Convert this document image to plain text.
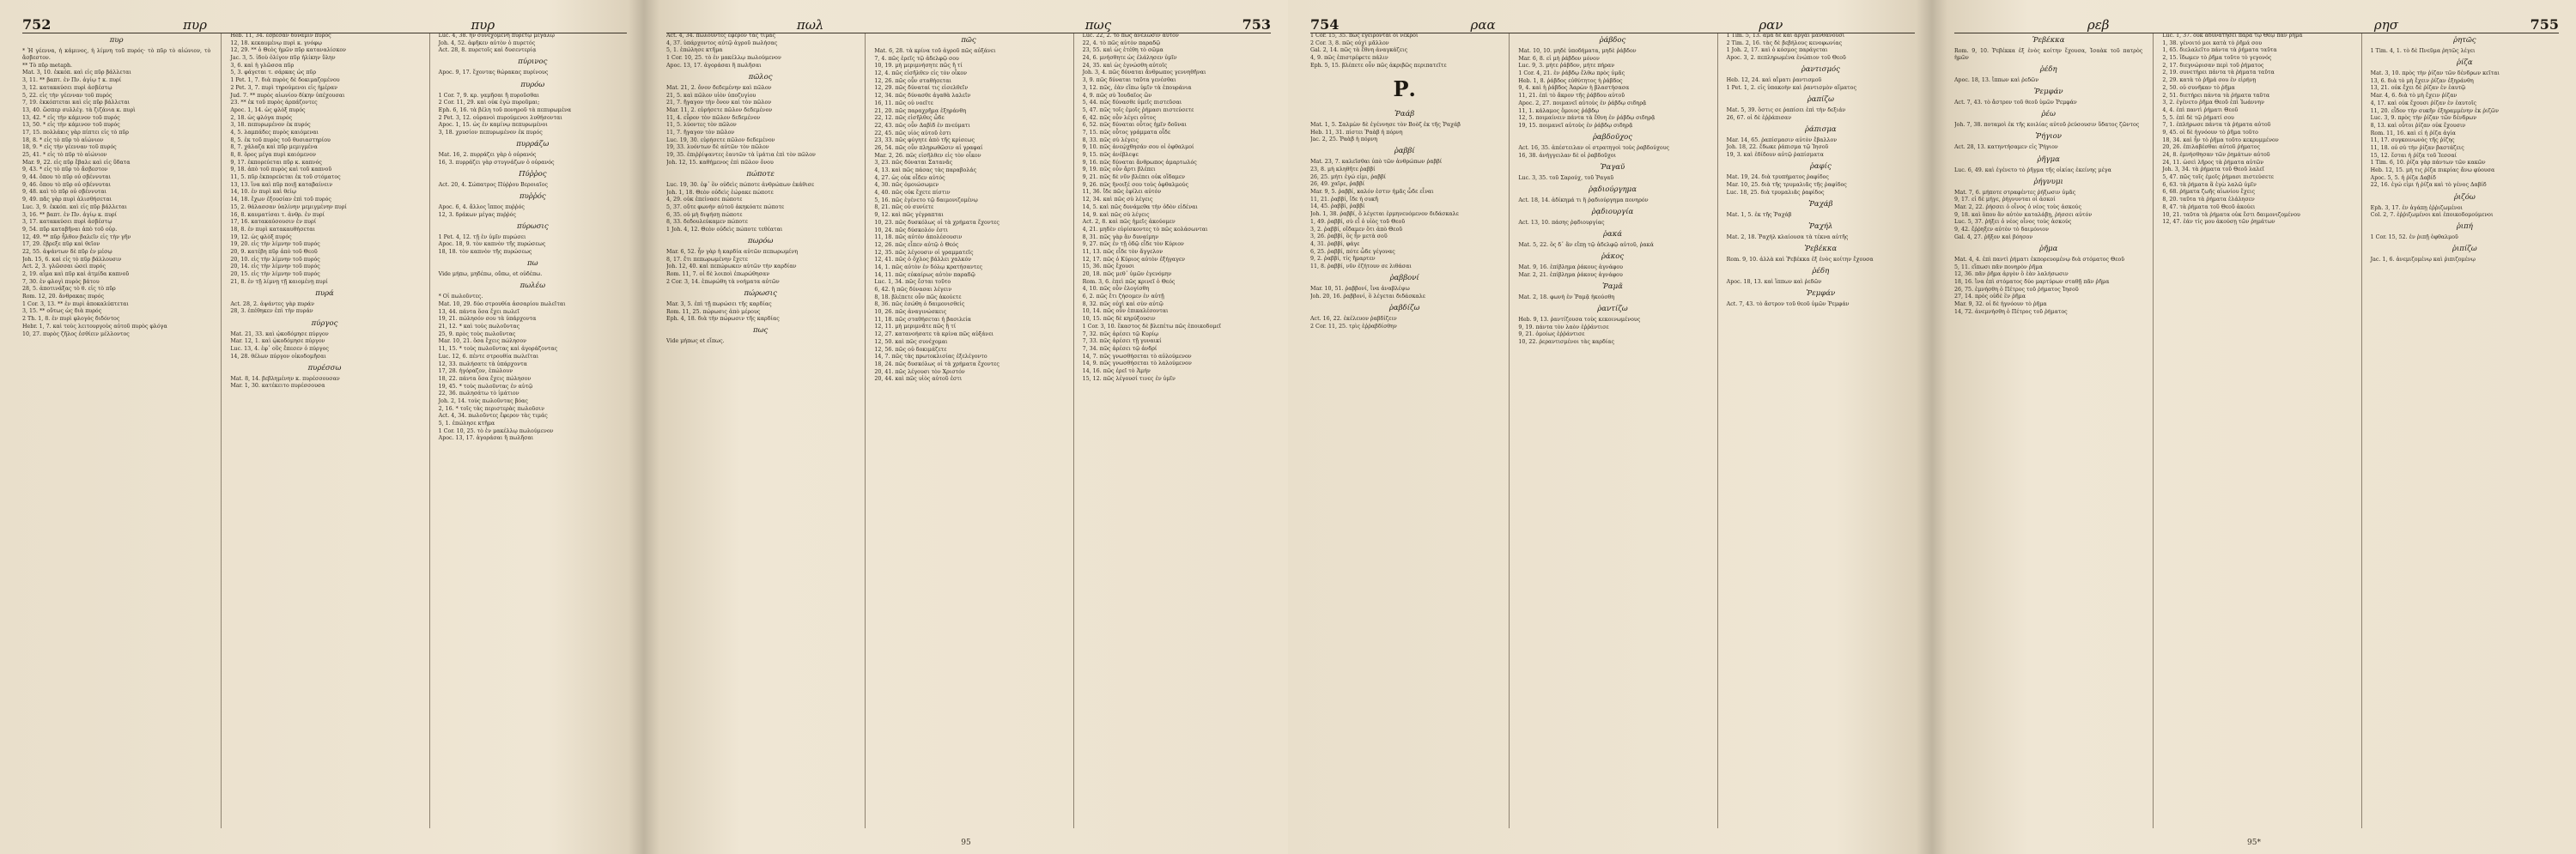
752	πυρ	πυρ
πυρ

* Ἡ γέεννα, ἡ κάμινος, ἡ λίμνη τοῦ πυρός· τὸ πῦρ τὸ αἰώνιον, τὸ ἄσβεστον.

** Τὸ πῦρ metaph.

Mat. 3, 10. ἐκκόπ. καὶ εἰς πῦρ βάλλεται

3, 11. ** βαπτ. ἐν Πν. ἁγίῳ † κ. πυρί

3, 12. κατακαύσει πυρὶ ἀσβέστῳ

5, 22. εἰς τὴν γέενναν τοῦ πυρός

7, 19. ἐκκόπτεται καὶ εἰς πῦρ βάλλεται

13, 40. ὥσπερ συλλέγ. τὰ ζιζάνια κ. πυρὶ

13, 42. * εἰς τὴν κάμινον τοῦ πυρός

13, 50. * εἰς τὴν κάμινον τοῦ πυρός

17, 15. πολλάκις γὰρ πίπτει εἰς τὸ πῦρ

18, 8. * εἰς τὸ πῦρ τὸ αἰώνιον

18, 9. * εἰς τὴν γέενναν τοῦ πυρός

25, 41. * εἰς τὸ πῦρ τὸ αἰώνιον

Mar. 9, 22. εἰς πῦρ ἔβαλε καὶ εἰς ὕδατα

9, 43. * εἰς τὸ πῦρ τὸ ἄσβεστον

9, 44. ὅπου τὸ πῦρ οὐ σβέννυται

9, 46. ὅπου τὸ πῦρ οὐ σβέννυται

9, 48. καὶ τὸ πῦρ οὐ σβέννυται

9, 49. πᾶς γὰρ πυρὶ ἁλισθήσεται

Luc. 3, 9. ἐκκόπ. καὶ εἰς πῦρ βάλλεται

3, 16. ** βαπτ. ἐν Πν. ἁγίῳ κ. πυρί

3, 17. κατακαύσει πυρὶ ἀσβέστῳ

9, 54. πῦρ καταβῆναι ἀπὸ τοῦ οὐρ.

12, 49. ** πῦρ ἦλθον βαλεῖν εἰς τὴν γῆν

17, 29. ἔβρεξε πῦρ καὶ θεῖον

22, 55. ἁψάντων δὲ πῦρ ἐν μέσῳ

Joh. 15, 6. καὶ εἰς τὸ πῦρ βάλλουσιν

Act. 2, 3. γλῶσσαι ὡσεὶ πυρός

2, 19. αἷμα καὶ πῦρ καὶ ἀτμίδα καπνοῦ

7, 30. ἐν φλογὶ πυρὸς βάτου

28, 5. ἀποτινάξας τὸ θ. εἰς τὸ πῦρ

Rom. 12, 20. ἄνθρακας πυρός

1 Cor. 3, 13. ** ἐν πυρὶ ἀποκαλύπτεται

3, 15. ** οὕτως ὡς διὰ πυρός

2 Th. 1, 8. ἐν πυρὶ φλογὸς διδόντος

Hebr. 1, 7. καὶ τοὺς λειτουργοὺς αὐτοῦ πυρὸς φλόγα

10, 27. πυρὸς ζῆλος ἐσθίειν μέλλοντος

Heb. 11, 34. ἔσβεσαν δύναμιν πυρός

12, 18. κεκαυμένῳ πυρὶ κ. γνόφῳ

12, 29. ** ὁ Θεὸς ἡμῶν πῦρ καταναλίσκον

Jac. 3, 5. ἰδοὺ ὀλίγον πῦρ ἡλίκην ὕλην

3, 6. καὶ ἡ γλῶσσα πῦρ

5, 3. φάγεται τ. σάρκας ὡς πῦρ

1 Pet. 1, 7. διὰ πυρὸς δὲ δοκιμαζομένου

2 Pet. 3, 7. πυρὶ τηρούμενοι εἰς ἡμέραν

Jud. 7. ** πυρὸς αἰωνίου δίκην ὑπέχουσαι

23. ** ἐκ τοῦ πυρὸς ἁρπάζοντες

Apoc. 1, 14. ὡς φλὸξ πυρός

2, 18. ὡς φλόγα πυρός

3, 18. πεπυρωμένον ἐκ πυρός

4, 5. λαμπάδες πυρὸς καιόμεναι

8, 5. ἐκ τοῦ πυρὸς τοῦ θυσιαστηρίου

8, 7. χάλαζα καὶ πῦρ μεμιγμένα

8, 8. ὄρος μέγα πυρὶ καιόμενον

9, 17. ἐκπορεύεται πῦρ κ. καπνός

9, 18. ἀπὸ τοῦ πυρὸς καὶ τοῦ καπνοῦ

11, 5. πῦρ ἐκπορεύεται ἐκ τοῦ στόματος

13, 13. ἵνα καὶ πῦρ ποιῇ καταβαίνειν

14, 10. ἐν πυρὶ καὶ θείῳ

14, 18. ἔχων ἐξουσίαν ἐπὶ τοῦ πυρός

15, 2. θάλασσαν ὑαλίνην μεμιγμένην πυρί

16, 8. καυματίσαι τ. ἀνθρ. ἐν πυρί

17, 16. κατακαύσουσιν ἐν πυρί

18, 8. ἐν πυρὶ κατακαυθήσεται

19, 12. ὡς φλὸξ πυρός

19, 20. εἰς τὴν λίμνην τοῦ πυρός

20, 9. κατέβη πῦρ ἀπὸ τοῦ Θεοῦ

20, 10. εἰς τὴν λίμνην τοῦ πυρός

20, 14. εἰς τὴν λίμνην τοῦ πυρός

20, 15. εἰς τὴν λίμνην τοῦ πυρός

21, 8. ἐν τῇ λίμνῃ τῇ καιομένῃ πυρί

πυρά

Act. 28, 2. ἁψάντες γὰρ πυράν

28, 3. ἐπέθηκεν ἐπὶ τὴν πυράν

πύργος

Mat. 21, 33. καὶ ᾠκοδόμησε πύργον

Mar. 12, 1. καὶ ᾠκοδόμησε πύργον

Luc. 13, 4. ἐφ᾽ οὓς ἔπεσεν ὁ πύργος

14, 28. θέλων πύργον οἰκοδομῆσαι

πυρέσσω

Mat. 8, 14. βεβλημένην κ. πυρέσσουσαν

Mar. 1, 30. κατέκειτο πυρέσσουσα

Luc. 4, 38. ἦν συνεχομένη πυρετῷ μεγάλῳ

Joh. 4, 52. ἀφῆκεν αὐτὸν ὁ πυρετός

Act. 28, 8. πυρετοῖς καὶ δυσεντερίᾳ

πύρινος

Apoc. 9, 17. ἔχοντας θώρακας πυρίνους

πυρόω

1 Cor. 7, 9. κρ. γαμῆσαι ἢ πυροῦσθαι

2 Cor. 11, 29. καὶ οὐκ ἐγὼ πυροῦμαι;

Eph. 6, 16. τὰ βέλη τοῦ πονηροῦ τὰ πεπυρωμένα

2 Pet. 3, 12. οὐρανοὶ πυρούμενοι λυθήσονται

Apoc. 1, 15. ὡς ἐν καμίνῳ πεπυρωμένοι

3, 18. χρυσίον πεπυρωμένον ἐκ πυρός

πυρράζω

Mat. 16, 2. πυρράζει γὰρ ὁ οὐρανός

16, 3. πυρράζει γὰρ στυγνάζων ὁ οὐρανός

Πύῤῥος

Act. 20, 4. Σώπατρος Πύῤῥου Βεροιαῖος

πυῤῥός

Apoc. 6, 4. ἄλλος ἵππος πυῤῥός

12, 3. δράκων μέγας πυῤῥός

πύρωσις

1 Pet. 4, 12. τῇ ἐν ὑμῖν πυρώσει

Apoc. 18, 9. τὸν καπνὸν τῆς πυρώσεως

18, 18. τὸν καπνὸν τῆς πυρώσεως

πω

Vide μήπω, μηδέπω, οὔπω, et οὐδέπω.

πωλέω

* Οἱ πωλοῦντες.

Mat. 10, 29. δύο στρουθία ἀσσαρίου πωλεῖται

13, 44. πάντα ὅσα ἔχει πωλεῖ

19, 21. πώλησόν σου τὰ ὑπάρχοντα

21, 12. * καὶ τοὺς πωλοῦντας

25, 9. πρὸς τοὺς πωλοῦντας

Mar. 10, 21. ὅσα ἔχεις πώλησον

11, 15. * τοὺς πωλοῦντας καὶ ἀγοράζοντας

Luc. 12, 6. πέντε στρουθία πωλεῖται

12, 33. πωλήσατε τὰ ὑπάρχοντα

17, 28. ἠγόραζον, ἐπώλουν

18, 22. πάντα ὅσα ἔχεις πώλησον

19, 45. * τοὺς πωλοῦντας ἐν αὐτῷ

22, 36. πωλησάτω τὸ ἱμάτιον

Joh. 2, 14. τοὺς πωλοῦντας βόας

2, 16. * τοῖς τὰς περιστερὰς πωλοῦσιν

Act. 4, 34. πωλοῦντες ἔφερον τὰς τιμάς

5, 1. ἐπώλησε κτῆμα

1 Cor. 10, 25. τὸ ἐν μακέλλῳ πωλούμενον

Apoc. 13, 17. ἀγοράσαι ἢ πωλῆσαι

πωλ	πως	753

Act. 4, 34. πωλοῦντες ἔφερον τὰς τιμάς

4, 37. ὑπάρχοντος αὐτῷ ἀγροῦ πωλήσας

5, 1. ἐπώλησε κτῆμα

1 Cor. 10, 25. τὸ ἐν μακέλλῳ πωλούμενον

Apoc. 13, 17. ἀγοράσαι ἢ πωλῆσαι

πῶλος

Mat. 21, 2. ὄνον δεδεμένην καὶ πῶλον

21, 5. καὶ πῶλον υἱὸν ὑποζυγίου

21, 7. ἤγαγον τὴν ὄνον καὶ τὸν πῶλον

Mar. 11, 2. εὑρήσετε πῶλον δεδεμένον

11, 4. εὗρον τὸν πῶλον δεδεμένον

11, 5. λύοντες τὸν πῶλον

11, 7. ἤγαγον τὸν πῶλον

Luc. 19, 30. εὑρήσετε πῶλον δεδεμένον

19, 33. λυόντων δὲ αὐτῶν τὸν πῶλον

19, 35. ἐπιῤῥίψαντες ἑαυτῶν τὰ ἱμάτια ἐπὶ τὸν πῶλον

Joh. 12, 15. καθήμενος ἐπὶ πῶλον ὄνου

πώποτε

Luc. 19, 30. ἐφ᾽ ὃν οὐδεὶς πώποτε ἀνθρώπων ἐκάθισε

Joh. 1, 18. Θεὸν οὐδεὶς ἑώρακε πώποτε

4, 29. οὐκ ἐπείνασε πώποτε

5, 37. οὔτε φωνὴν αὐτοῦ ἀκηκόατε πώποτε

6, 35. οὐ μὴ διψήσῃ πώποτε

8, 33. δεδουλεύκαμεν πώποτε

1 Joh. 4, 12. Θεὸν οὐδεὶς πώποτε τεθέαται

πωρόω

Mar. 6, 52. ἦν γὰρ ἡ καρδία αὐτῶν πεπωρωμένη

8, 17. ἔτι πεπωρωμένην ἔχετε

Joh. 12, 40. καὶ πεπώρωκεν αὐτῶν τὴν καρδίαν

Rom. 11, 7. οἱ δὲ λοιποὶ ἐπωρώθησαν

2 Cor. 3, 14. ἐπωρώθη τὰ νοήματα αὐτῶν

πώρωσις

Mar. 3, 5. ἐπὶ τῇ πωρώσει τῆς καρδίας

Rom. 11, 25. πώρωσις ἀπὸ μέρους

Eph. 4, 18. διὰ τὴν πώρωσιν τῆς καρδίας

πως

Vide μήπως et εἴπως.

πῶς

Mat. 6, 28. τὰ κρίνα τοῦ ἀγροῦ πῶς αὐξάνει

7, 4. πῶς ἐρεῖς τῷ ἀδελφῷ σου

10, 19. μὴ μεριμνήσητε πῶς ἢ τί

12, 4. πῶς εἰσῆλθεν εἰς τὸν οἶκον

12, 26. πῶς οὖν σταθήσεται

12, 29. πῶς δύναταί τις εἰσελθεῖν

12, 34. πῶς δύνασθε ἀγαθὰ λαλεῖν

16, 11. πῶς οὐ νοεῖτε

21, 20. πῶς παραχρῆμα ἐξηράνθη

22, 12. πῶς εἰσῆλθες ὧδε

22, 43. πῶς οὖν Δαβὶδ ἐν πνεύματι

22, 45. πῶς υἱὸς αὐτοῦ ἐστι

23, 33. πῶς φύγητε ἀπὸ τῆς κρίσεως

26, 54. πῶς οὖν πληρωθῶσιν αἱ γραφαί

Mar. 2, 26. πῶς εἰσῆλθεν εἰς τὸν οἶκον

3, 23. πῶς δύναται Σατανᾶς

4, 13. καὶ πῶς πάσας τὰς παραβολάς

4, 27. ὡς οὐκ οἶδεν αὐτός

4, 30. πῶς ὁμοιώσωμεν

4, 40. πῶς οὐκ ἔχετε πίστιν

5, 16. πῶς ἐγένετο τῷ δαιμονιζομένῳ

8, 21. πῶς οὐ συνίετε

9, 12. καὶ πῶς γέγραπται

10, 23. πῶς δυσκόλως οἱ τὰ χρήματα ἔχοντες

10, 24. πῶς δύσκολόν ἐστι

11, 18. πῶς αὐτὸν ἀπολέσουσιν

12, 26. πῶς εἶπεν αὐτῷ ὁ Θεός

12, 35. πῶς λέγουσιν οἱ γραμματεῖς

12, 41. πῶς ὁ ὄχλος βάλλει χαλκόν

14, 1. πῶς αὐτὸν ἐν δόλῳ κρατήσαντες

14, 11. πῶς εὐκαίρως αὐτὸν παραδῷ

Luc. 1, 34. πῶς ἔσται τοῦτο

6, 42. ἢ πῶς δύνασαι λέγειν

8, 18. βλέπετε οὖν πῶς ἀκούετε

8, 36. πῶς ἐσώθη ὁ δαιμονισθείς

10, 26. πῶς ἀναγινώσκεις

11, 18. πῶς σταθήσεται ἡ βασιλεία

12, 11. μὴ μεριμνᾶτε πῶς ἢ τί

12, 27. κατανοήσατε τὰ κρίνα πῶς αὐξάνει

12, 50. καὶ πῶς συνέχομαι

12, 56. πῶς οὐ δοκιμάζετε

14, 7. πῶς τὰς πρωτοκλισίας ἐξελέγοντο

18, 24. πῶς δυσκόλως οἱ τὰ χρήματα ἔχοντες

20, 41. πῶς λέγουσι τὸν Χριστόν

20, 44. καὶ πῶς υἱὸς αὐτοῦ ἐστι

Luc. 22, 2. τὸ πῶς ἀνέλωσιν αὐτόν

22, 4. τὸ πῶς αὐτὸν παραδῷ

23, 55. καὶ ὡς ἐτέθη τὸ σῶμα

24, 6. μνήσθητε ὡς ἐλάλησεν ὑμῖν

24, 35. καὶ ὡς ἐγνώσθη αὐτοῖς

Joh. 3, 4. πῶς δύναται ἄνθρωπος γεννηθῆναι

3, 9. πῶς δύναται ταῦτα γενέσθαι

3, 12. πῶς, ἐὰν εἴπω ὑμῖν τὰ ἐπουράνια

4, 9. πῶς σὺ Ἰουδαῖος ὢν

5, 44. πῶς δύνασθε ὑμεῖς πιστεῦσαι

5, 47. πῶς τοῖς ἐμοῖς ῥήμασι πιστεύσετε

6, 42. πῶς οὖν λέγει οὗτος

6, 52. πῶς δύναται οὗτος ἡμῖν δοῦναι

7, 15. πῶς οὗτος γράμματα οἶδε

8, 33. πῶς σὺ λέγεις

9, 10. πῶς ἀνεῴχθησάν σου οἱ ὀφθαλμοί

9, 15. πῶς ἀνέβλεψε

9, 16. πῶς δύναται ἄνθρωπος ἁμαρτωλός

9, 19. πῶς οὖν ἄρτι βλέπει

9, 21. πῶς δὲ νῦν βλέπει οὐκ οἴδαμεν

9, 26. πῶς ἤνοιξέ σου τοὺς ὀφθαλμούς

11, 36. ἴδε πῶς ἐφίλει αὐτόν

12, 34. καὶ πῶς σὺ λέγεις

14, 5. καὶ πῶς δυνάμεθα τὴν ὁδὸν εἰδέναι

14, 9. καὶ πῶς σὺ λέγεις

Act. 2, 8. καὶ πῶς ἡμεῖς ἀκούομεν

4, 21. μηδὲν εὑρίσκοντες τὸ πῶς κολάσωνται

8, 31. πῶς γὰρ ἂν δυναίμην

9, 27. πῶς ἐν τῇ ὁδῷ εἶδε τὸν Κύριον

11, 13. πῶς εἶδε τὸν ἄγγελον

12, 17. πῶς ὁ Κύριος αὐτὸν ἐξήγαγεν

15, 36. πῶς ἔχουσι

20, 18. πῶς μεθ᾽ ὑμῶν ἐγενόμην

Rom. 3, 6. ἐπεὶ πῶς κρινεῖ ὁ Θεός

4, 10. πῶς οὖν ἐλογίσθη

6, 2. πῶς ἔτι ζήσομεν ἐν αὐτῇ

8, 32. πῶς οὐχὶ καὶ σὺν αὐτῷ

10, 14. πῶς οὖν ἐπικαλέσονται

10, 15. πῶς δὲ κηρύξουσιν

1 Cor. 3, 10. ἕκαστος δὲ βλεπέτω πῶς ἐποικοδομεῖ

7, 32. πῶς ἀρέσει τῷ Κυρίῳ

7, 33. πῶς ἀρέσει τῇ γυναικί

7, 34. πῶς ἀρέσει τῷ ἀνδρί

14, 7. πῶς γνωσθήσεται τὸ αὐλούμενον

14, 9. πῶς γνωσθήσεται τὸ λαλούμενον

14, 16. πῶς ἐρεῖ τὸ Ἀμήν

15, 12. πῶς λέγουσί τινες ἐν ὑμῖν

95
754	ραα	ραν

1 Cor. 15, 35. πῶς ἐγείρονται οἱ νεκροί

2 Cor. 3, 8. πῶς οὐχὶ μᾶλλον

Gal. 2, 14. πῶς τὰ ἔθνη ἀναγκάζεις

4, 9. πῶς ἐπιστρέφετε πάλιν

Eph. 5, 15. βλέπετε οὖν πῶς ἀκριβῶς περιπατεῖτε

Ρ.
Ῥαάβ

Mat. 1, 5. Σαλμὼν δὲ ἐγέννησε τὸν Βοὸζ ἐκ τῆς Ῥαχάβ

Heb. 11, 31. πίστει Ῥαὰβ ἡ πόρνη

Jac. 2, 25. Ῥαὰβ ἡ πόρνη

ῥαββί

Mat. 23, 7. καλεῖσθαι ὑπὸ τῶν ἀνθρώπων ῥαββί

23, 8. μὴ κληθῆτε ῥαββί

26, 25. μήτι ἐγώ εἰμι, ῥαββί

26, 49. χαῖρε, ῥαββί

Mar. 9, 5. ῥαββί, καλόν ἐστιν ἡμᾶς ὧδε εἶναι

11, 21. ῥαββί, ἴδε ἡ συκῆ

14, 45. ῥαββί, ῥαββί

Joh. 1, 38. ῥαββί, ὃ λέγεται ἑρμηνευόμενον διδάσκαλε

1, 49. ῥαββί, σὺ εἶ ὁ υἱὸς τοῦ Θεοῦ

3, 2. ῥαββί, οἴδαμεν ὅτι ἀπὸ Θεοῦ

3, 26. ῥαββί, ὃς ἦν μετὰ σοῦ

4, 31. ῥαββί, φάγε

6, 25. ῥαββί, πότε ὧδε γέγονας

9, 2. ῥαββί, τίς ἥμαρτεν

11, 8. ῥαββί, νῦν ἐζήτουν σε λιθάσαι

ῥαββονί

Mar. 10, 51. ῥαββονί, ἵνα ἀναβλέψω

Joh. 20, 16. ῥαββονί, ὃ λέγεται διδάσκαλε

ῥαβδίζω

Act. 16, 22. ἐκέλευον ῥαβδίζειν

2 Cor. 11, 25. τρὶς ἐῤῥαβδίσθην

ῥάβδος

Mat. 10, 10. μηδὲ ὑποδήματα, μηδὲ ῥάβδον

Mar. 6, 8. εἰ μὴ ῥάβδον μόνον

Luc. 9, 3. μήτε ῥάβδον, μήτε πήραν

1 Cor. 4, 21. ἐν ῥάβδῳ ἔλθω πρὸς ὑμᾶς

Heb. 1, 8. ῥάβδος εὐθύτητος ἡ ῥάβδος

9, 4. καὶ ἡ ῥάβδος Ἀαρὼν ἡ βλαστήσασα

11, 21. ἐπὶ τὸ ἄκρον τῆς ῥάβδου αὐτοῦ

Apoc. 2, 27. ποιμανεῖ αὐτοὺς ἐν ῥάβδῳ σιδηρᾷ

11, 1. κάλαμος ὅμοιος ῥάβδῳ

12, 5. ποιμαίνειν πάντα τὰ ἔθνη ἐν ῥάβδῳ σιδηρᾷ

19, 15. ποιμανεῖ αὐτοὺς ἐν ῥάβδῳ σιδηρᾷ

ῥαβδοῦχος

Act. 16, 35. ἀπέστειλαν οἱ στρατηγοὶ τοὺς ῥαβδούχους

16, 38. ἀνήγγειλαν δὲ οἱ ῥαβδοῦχοι

Ῥαγαῦ

Luc. 3, 35. τοῦ Σαρούχ, τοῦ Ῥαγαῦ

ῥᾳδιούργημα

Act. 18, 14. ἀδίκημά τι ἢ ῥᾳδιούργημα πονηρόν

ῥᾳδιουργία

Act. 13, 10. πάσης ῥᾳδιουργίας

ῥακά

Mat. 5, 22. ὃς δ᾽ ἂν εἴπῃ τῷ ἀδελφῷ αὐτοῦ, ῥακά

ῥάκος

Mat. 9, 16. ἐπίβλημα ῥάκους ἀγνάφου

Mar. 2, 21. ἐπίβλημα ῥάκους ἀγνάφου

Ῥαμᾶ

Mat. 2, 18. φωνὴ ἐν Ῥαμᾷ ἠκούσθη

ῥαντίζω

Heb. 9, 13. ῥαντίζουσα τοὺς κεκοινωμένους

9, 19. πάντα τὸν λαὸν ἐῤῥάντισε

9, 21. ὁμοίως ἐῤῥάντισε

10, 22. ῥεραντισμένοι τὰς καρδίας

1 Tim. 5, 13. ἅμα δὲ καὶ ἀργαὶ μανθάνουσι

2 Tim. 2, 16. τὰς δὲ βεβήλους κενοφωνίας

1 Joh. 2, 17. καὶ ὁ κόσμος παράγεται

Apoc. 3, 2. πεπληρωμένα ἐνώπιον τοῦ Θεοῦ

ῥαντισμός

Heb. 12, 24. καὶ αἵματι ῥαντισμοῦ

1 Pet. 1, 2. εἰς ὑπακοὴν καὶ ῥαντισμὸν αἵματος

ῥαπίζω

Mat. 5, 39. ὅστις σε ῥαπίσει ἐπὶ τὴν δεξιάν

26, 67. οἱ δὲ ἐῤῥάπισαν

ῥάπισμα

Mar. 14, 65. ῥαπίσμασιν αὐτὸν ἔβαλλον

Joh. 18, 22. ἔδωκε ῥάπισμα τῷ Ἰησοῦ

19, 3. καὶ ἐδίδουν αὐτῷ ῥαπίσματα

ῥαφίς

Mat. 19, 24. διὰ τρυπήματος ῥαφίδος

Mar. 10, 25. διὰ τῆς τρυμαλιᾶς τῆς ῥαφίδος

Luc. 18, 25. διὰ τρυμαλιᾶς ῥαφίδος

Ῥαχάβ

Mat. 1, 5. ἐκ τῆς Ῥαχάβ

Ῥαχήλ

Mat. 2, 18. Ῥαχὴλ κλαίουσα τὰ τέκνα αὐτῆς

Ῥεβέκκα

Rom. 9, 10. ἀλλὰ καὶ Ῥεβέκκα ἐξ ἑνὸς κοίτην ἔχουσα

ῥέδη

Apoc. 18, 13. καὶ ἵππων καὶ ῥεδῶν

Ῥεμφάν

Act. 7, 43. τὸ ἄστρον τοῦ θεοῦ ὑμῶν Ῥεμφάν

ρεβ	ρησ	755
Ῥεβέκκα

Rom. 9, 10. Ῥεβέκκα ἐξ ἑνὸς κοίτην ἔχουσα, Ἰσαὰκ τοῦ πατρὸς ἡμῶν

ῥέδη

Apoc. 18, 13. ἵππων καὶ ῥεδῶν

Ῥεμφάν

Act. 7, 43. τὸ ἄστρον τοῦ θεοῦ ὑμῶν Ῥεμφάν

ῥέω

Joh. 7, 38. ποταμοὶ ἐκ τῆς κοιλίας αὐτοῦ ῥεύσουσιν ὕδατος ζῶντος

Ῥήγιον

Act. 28, 13. κατηντήσαμεν εἰς Ῥήγιον

ῥῆγμα

Luc. 6, 49. καὶ ἐγένετο τὸ ῥῆγμα τῆς οἰκίας ἐκείνης μέγα

ῥήγνυμι

Mat. 7, 6. μήποτε στραφέντες ῥήξωσιν ὑμᾶς

9, 17. εἰ δὲ μήγε, ῥήγνυνται οἱ ἀσκοί

Mar. 2, 22. ῥήσσει ὁ οἶνος ὁ νέος τοὺς ἀσκούς

9, 18. καὶ ὅπου ἂν αὐτὸν καταλάβῃ, ῥήσσει αὐτόν

Luc. 5, 37. ῥήξει ὁ νέος οἶνος τοὺς ἀσκούς

9, 42. ἔῤῥηξεν αὐτὸν τὸ δαιμόνιον

Gal. 4, 27. ῥῆξον καὶ βόησον

ῥῆμα

Mat. 4, 4. ἐπὶ παντὶ ῥήματι ἐκπορευομένῳ διὰ στόματος Θεοῦ

5, 11. εἴπωσι πᾶν πονηρὸν ῥῆμα

12, 36. πᾶν ῥῆμα ἀργὸν ὃ ἐὰν λαλήσωσιν

18, 16. ἵνα ἐπὶ στόματος δύο μαρτύρων σταθῇ πᾶν ῥῆμα

26, 75. ἐμνήσθη ὁ Πέτρος τοῦ ῥήματος Ἰησοῦ

27, 14. πρὸς οὐδὲ ἓν ῥῆμα

Mar. 9, 32. οἱ δὲ ἠγνόουν τὸ ῥῆμα

14, 72. ἀνεμνήσθη ὁ Πέτρος τοῦ ῥήματος

Luc. 1, 37. οὐκ ἀδυνατήσει παρὰ τῷ Θεῷ πᾶν ῥῆμα

1, 38. γένοιτό μοι κατὰ τὸ ῥῆμά σου

1, 65. διελαλεῖτο πάντα τὰ ῥήματα ταῦτα

2, 15. ἴδωμεν τὸ ῥῆμα τοῦτο τὸ γεγονός

2, 17. διεγνώρισαν περὶ τοῦ ῥήματος

2, 19. συνετήρει πάντα τὰ ῥήματα ταῦτα

2, 29. κατὰ τὸ ῥῆμά σου ἐν εἰρήνῃ

2, 50. οὐ συνῆκαν τὸ ῥῆμα

2, 51. διετήρει πάντα τὰ ῥήματα ταῦτα

3, 2. ἐγένετο ῥῆμα Θεοῦ ἐπὶ Ἰωάννην

4, 4. ἐπὶ παντὶ ῥήματι Θεοῦ

5, 5. ἐπὶ δὲ τῷ ῥήματί σου

7, 1. ἐπλήρωσε πάντα τὰ ῥήματα αὐτοῦ

9, 45. οἱ δὲ ἠγνόουν τὸ ῥῆμα τοῦτο

18, 34. καὶ ἦν τὸ ῥῆμα τοῦτο κεκρυμμένον

20, 26. ἐπιλαβέσθαι αὐτοῦ ῥήματος

24, 8. ἐμνήσθησαν τῶν ῥημάτων αὐτοῦ

24, 11. ὡσεὶ λῆρος τὰ ῥήματα αὐτῶν

Joh. 3, 34. τὰ ῥήματα τοῦ Θεοῦ λαλεῖ

5, 47. πῶς τοῖς ἐμοῖς ῥήμασι πιστεύσετε

6, 63. τὰ ῥήματα ἃ ἐγὼ λαλῶ ὑμῖν

6, 68. ῥήματα ζωῆς αἰωνίου ἔχεις

8, 20. ταῦτα τὰ ῥήματα ἐλάλησεν

8, 47. τὰ ῥήματα τοῦ Θεοῦ ἀκούει

10, 21. ταῦτα τὰ ῥήματα οὐκ ἔστι δαιμονιζομένου

12, 47. ἐάν τίς μου ἀκούσῃ τῶν ῥημάτων

ῥητῶς

1 Tim. 4, 1. τὸ δὲ Πνεῦμα ῥητῶς λέγει

ῥίζα

Mat. 3, 10. πρὸς τὴν ῥίζαν τῶν δένδρων κεῖται

13, 6. διὰ τὸ μὴ ἔχειν ῥίζαν ἐξηράνθη

13, 21. οὐκ ἔχει δὲ ῥίζαν ἐν ἑαυτῷ

Mar. 4, 6. διὰ τὸ μὴ ἔχειν ῥίζαν

4, 17. καὶ οὐκ ἔχουσι ῥίζαν ἐν ἑαυτοῖς

11, 20. εἶδον τὴν συκῆν ἐξηραμμένην ἐκ ῥιζῶν

Luc. 3, 9. πρὸς τὴν ῥίζαν τῶν δένδρων

8, 13. καὶ οὗτοι ῥίζαν οὐκ ἔχουσιν

Rom. 11, 16. καὶ εἰ ἡ ῥίζα ἁγία

11, 17. συγκοινωνὸς τῆς ῥίζης

11, 18. οὐ σὺ τὴν ῥίζαν βαστάζεις

15, 12. ἔσται ἡ ῥίζα τοῦ Ἰεσσαί

1 Tim. 6, 10. ῥίζα γὰρ πάντων τῶν κακῶν

Heb. 12, 15. μή τις ῥίζα πικρίας ἄνω φύουσα

Apoc. 5, 5. ἡ ῥίζα Δαβίδ

22, 16. ἐγώ εἰμι ἡ ῥίζα καὶ τὸ γένος Δαβίδ

ῥιζόω

Eph. 3, 17. ἐν ἀγάπῃ ἐῤῥιζωμένοι

Col. 2, 7. ἐῤῥιζωμένοι καὶ ἐποικοδομούμενοι

ῥιπή

1 Cor. 15, 52. ἐν ῥιπῇ ὀφθαλμοῦ

ῥιπίζω

Jac. 1, 6. ἀνεμιζομένῳ καὶ ῥιπιζομένῳ

95*
